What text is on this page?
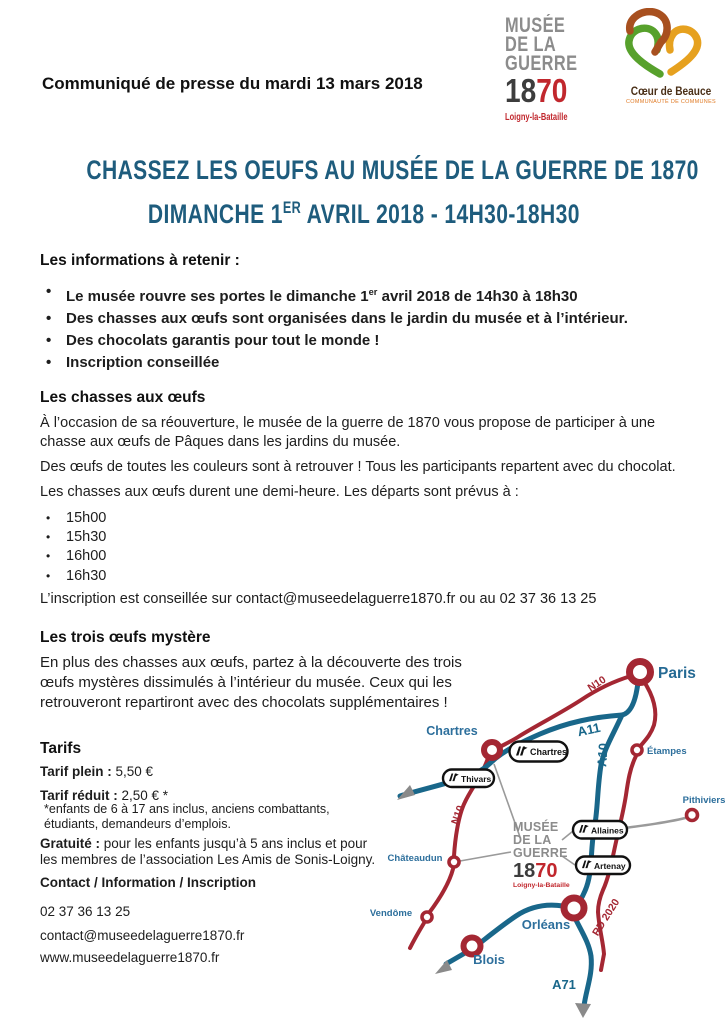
Communiqué de presse du mardi 13 mars 2018
MUSÉE
DE LA
GUERRE
1870
Loigny-la-Bataille
Cœur de Beauce
COMMUNAUTÉ DE COMMUNES
CHASSEZ LES OEUFS AU MUSÉE DE LA GUERRE DE 1870
DIMANCHE 1ER AVRIL 2018 - 14H30-18H30
Les informations à retenir :
• Le musée rouvre ses portes le dimanche 1er avril 2018 de 14h30 à 18h30
• Des chasses aux œufs sont organisées dans le jardin du musée et à l’intérieur.
• Des chocolats garantis pour tout le monde !
• Inscription conseillée
Les chasses aux œufs
À l’occasion de sa réouverture, le musée de la guerre de 1870 vous propose de participer à une chasse aux œufs de Pâques dans les jardins du musée.
Des œufs de toutes les couleurs sont à retrouver ! Tous les participants repartent avec du chocolat.
Les chasses aux œufs durent une demi-heure. Les départs sont prévus à :
• 15h00
• 15h30
• 16h00
• 16h30
L’inscription est conseillée sur contact@museedelaguerre1870.fr ou au 02 37 36 13 25
Les trois œufs mystère
En plus des chasses aux œufs, partez à la découverte des trois œufs mystères dissimulés à l’intérieur du musée. Ceux qui les retrouveront repartiront avec des chocolats supplémentaires !
Tarifs
Tarif plein : 5,50 €
Tarif réduit : 2,50 € *
*enfants de 6 à 17 ans inclus, anciens combattants, étudiants, demandeurs d’emplois.
Gratuité : pour les enfants jusqu’à 5 ans inclus et pour les membres de l’association Les Amis de Sonis-Loigny.
Contact / Information / Inscription
02 37 36 13 25
contact@museedelaguerre1870.fr
www.museedelaguerre1870.fr
Paris
Chartres
Étampes
Pithiviers
Châteaudun
Vendôme
Orléans
Blois
A11
A10
A71
N10
N10
RD 2020
Chartres
Thivars
Allaines
Artenay
MUSÉE
DE LA
GUERRE
1870
Loigny-la-Bataille
